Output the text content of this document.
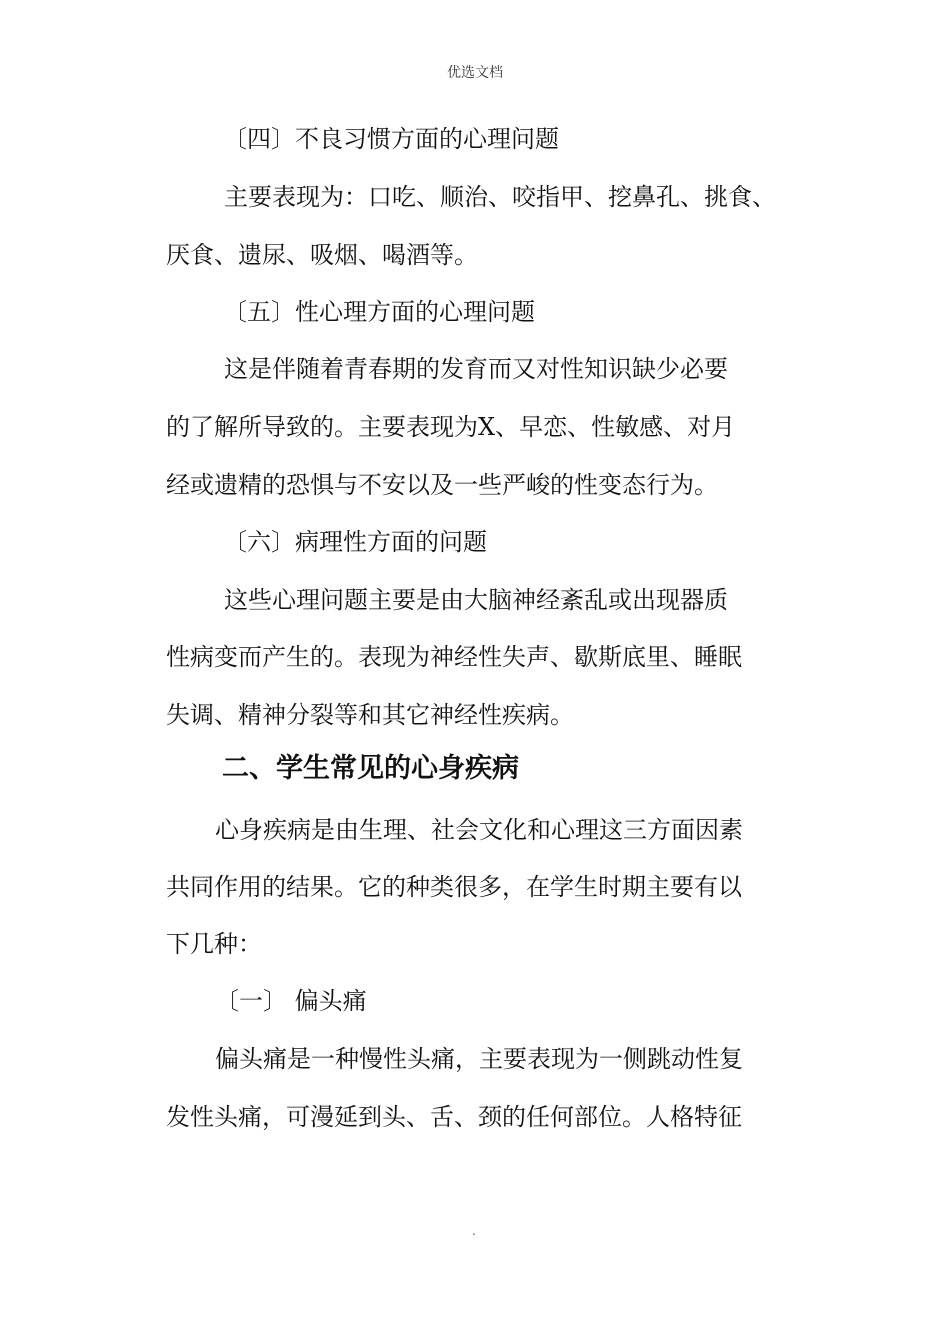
优选文档
〔四〕不良习惯方面的心理问题
主要表现为：口吃、顺治、咬指甲、挖鼻孔、挑食、
厌食、遗尿、吸烟、喝酒等。
〔五〕性心理方面的心理问题
这是伴随着青春期的发育而又对性知识缺少必要
的了解所导致的。主要表现为X、早恋、性敏感、对月
经或遗精的恐惧与不安以及一些严峻的性变态行为。
〔六〕病理性方面的问题
这些心理问题主要是由大脑神经紊乱或出现器质
性病变而产生的。表现为神经性失声、歇斯底里、睡眠
失调、精神分裂等和其它神经性疾病。
二、学生常见的心身疾病
心身疾病是由生理、社会文化和心理这三方面因素
共同作用的结果。它的种类很多，在学生时期主要有以
下几种：
〔一〕 偏头痛
偏头痛是一种慢性头痛，主要表现为一侧跳动性复
发性头痛，可漫延到头、舌、颈的任何部位。人格特征
.
